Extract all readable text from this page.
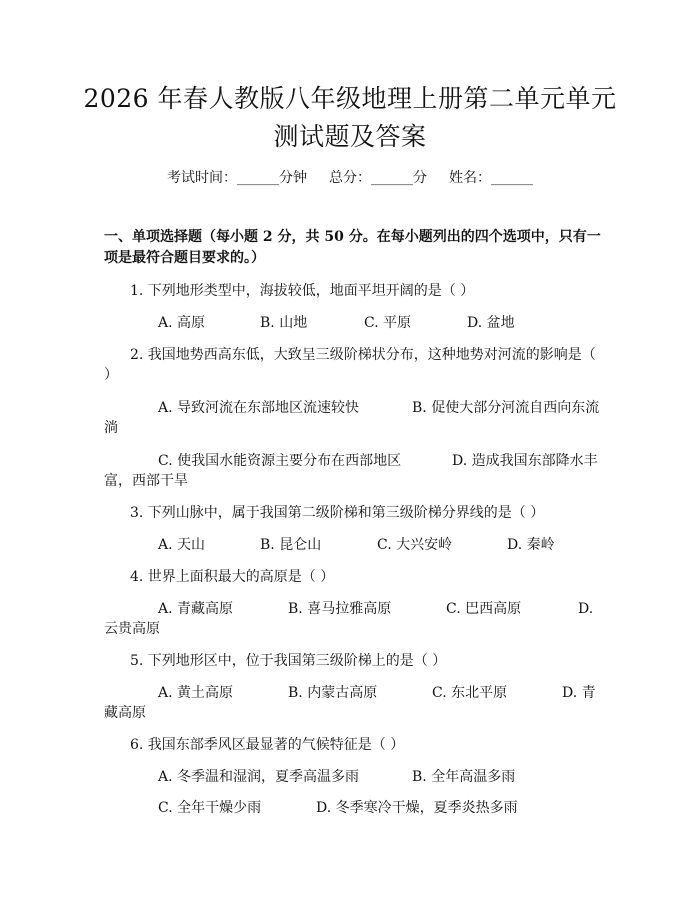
2026 年春人教版八年级地理上册第二单元单元测试题及答案
考试时间：______分钟 总分：______分 姓名：______
一、单项选择题（每小题 2 分，共 50 分。在每小题列出的四个选项中，只有一项是最符合题目要求的。）
1. 下列地形类型中，海拔较低，地面平坦开阔的是（ ）
A. 高原	B. 山地	C. 平原	D. 盆地
2. 我国地势西高东低，大致呈三级阶梯状分布，这种地势对河流的影响是（ ）
A. 导致河流在东部地区流速较快	B. 促使大部分河流自西向东流淌
C. 使我国水能资源主要分布在西部地区	D. 造成我国东部降水丰富，西部干旱
3. 下列山脉中，属于我国第二级阶梯和第三级阶梯分界线的是（ ）
A. 天山	B. 昆仑山	C. 大兴安岭	D. 秦岭
4. 世界上面积最大的高原是（ ）
A. 青藏高原	B. 喜马拉雅高原	C. 巴西高原	D. 云贵高原
5. 下列地形区中，位于我国第三级阶梯上的是（ ）
A. 黄土高原	B. 内蒙古高原	C. 东北平原	D. 青藏高原
6. 我国东部季风区最显著的气候特征是（ ）
A. 冬季温和湿润，夏季高温多雨	B. 全年高温多雨
C. 全年干燥少雨	D. 冬季寒冷干燥，夏季炎热多雨
